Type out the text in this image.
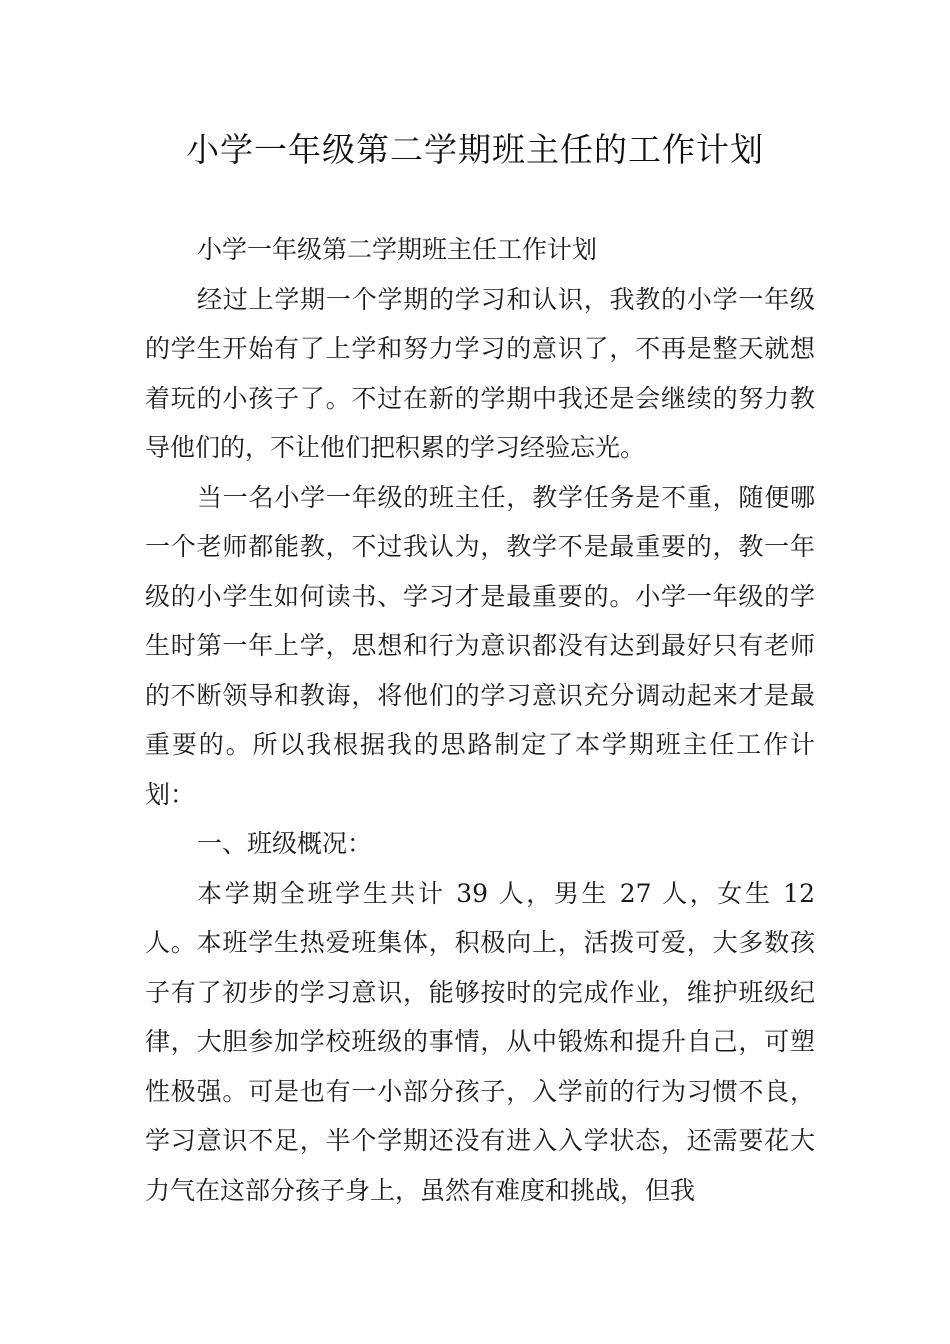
小学一年级第二学期班主任的工作计划

小学一年级第二学期班主任工作计划

经过上学期一个学期的学习和认识，我教的小学一年级的学生开始有了上学和努力学习的意识了，不再是整天就想着玩的小孩子了。不过在新的学期中我还是会继续的努力教导他们的，不让他们把积累的学习经验忘光。

当一名小学一年级的班主任，教学任务是不重，随便哪一个老师都能教，不过我认为，教学不是最重要的，教一年级的小学生如何读书、学习才是最重要的。小学一年级的学生时第一年上学，思想和行为意识都没有达到最好只有老师的不断领导和教诲，将他们的学习意识充分调动起来才是最重要的。所以我根据我的思路制定了本学期班主任工作计划：

一、班级概况：

本学期全班学生共计 39 人，男生 27 人，女生 12 人。本班学生热爱班集体，积极向上，活拨可爱，大多数孩子有了初步的学习意识，能够按时的完成作业，维护班级纪律，大胆参加学校班级的事情，从中锻炼和提升自己，可塑性极强。可是也有一小部分孩子，入学前的行为习惯不良，学习意识不足，半个学期还没有进入入学状态，还需要花大力气在这部分孩子身上，虽然有难度和挑战，但我
